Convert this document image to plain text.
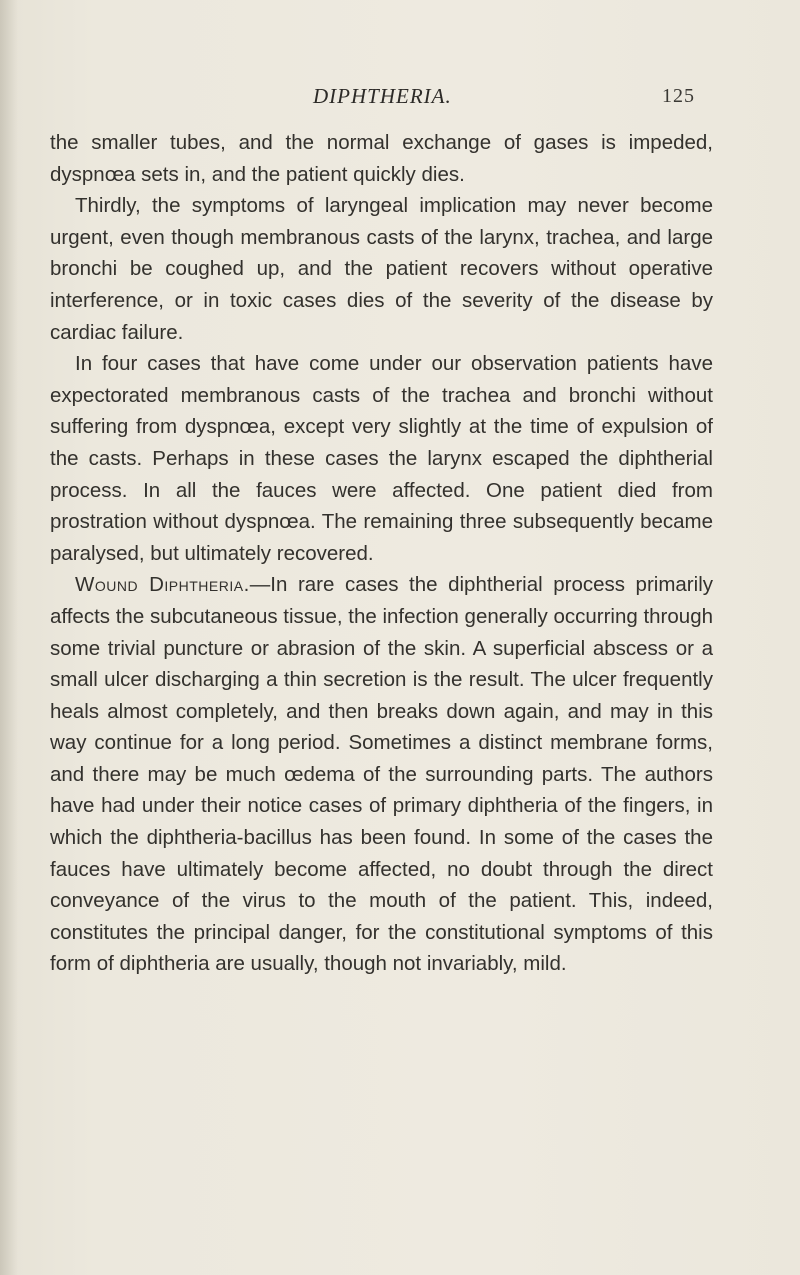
DIPHTHERIA.	125

the smaller tubes, and the normal exchange of gases is impeded, dyspnœa sets in, and the patient quickly dies.

Thirdly, the symptoms of laryngeal implication may never become urgent, even though membranous casts of the larynx, trachea, and large bronchi be coughed up, and the patient recovers without operative interference, or in toxic cases dies of the severity of the disease by cardiac failure.

In four cases that have come under our observation patients have expectorated membranous casts of the trachea and bronchi without suffering from dyspnœa, except very slightly at the time of expulsion of the casts. Perhaps in these cases the larynx escaped the diphtherial process. In all the fauces were affected. One patient died from prostration without dyspnœa. The remaining three subsequently became paralysed, but ultimately recovered.

Wound Diphtheria.—In rare cases the diphtherial process primarily affects the subcutaneous tissue, the infection generally occurring through some trivial puncture or abrasion of the skin. A superficial abscess or a small ulcer discharging a thin secretion is the result. The ulcer frequently heals almost completely, and then breaks down again, and may in this way continue for a long period. Sometimes a distinct membrane forms, and there may be much œdema of the surrounding parts. The authors have had under their notice cases of primary diphtheria of the fingers, in which the diphtheria-bacillus has been found. In some of the cases the fauces have ultimately become affected, no doubt through the direct conveyance of the virus to the mouth of the patient. This, indeed, constitutes the principal danger, for the constitutional symptoms of this form of diphtheria are usually, though not invariably, mild.
